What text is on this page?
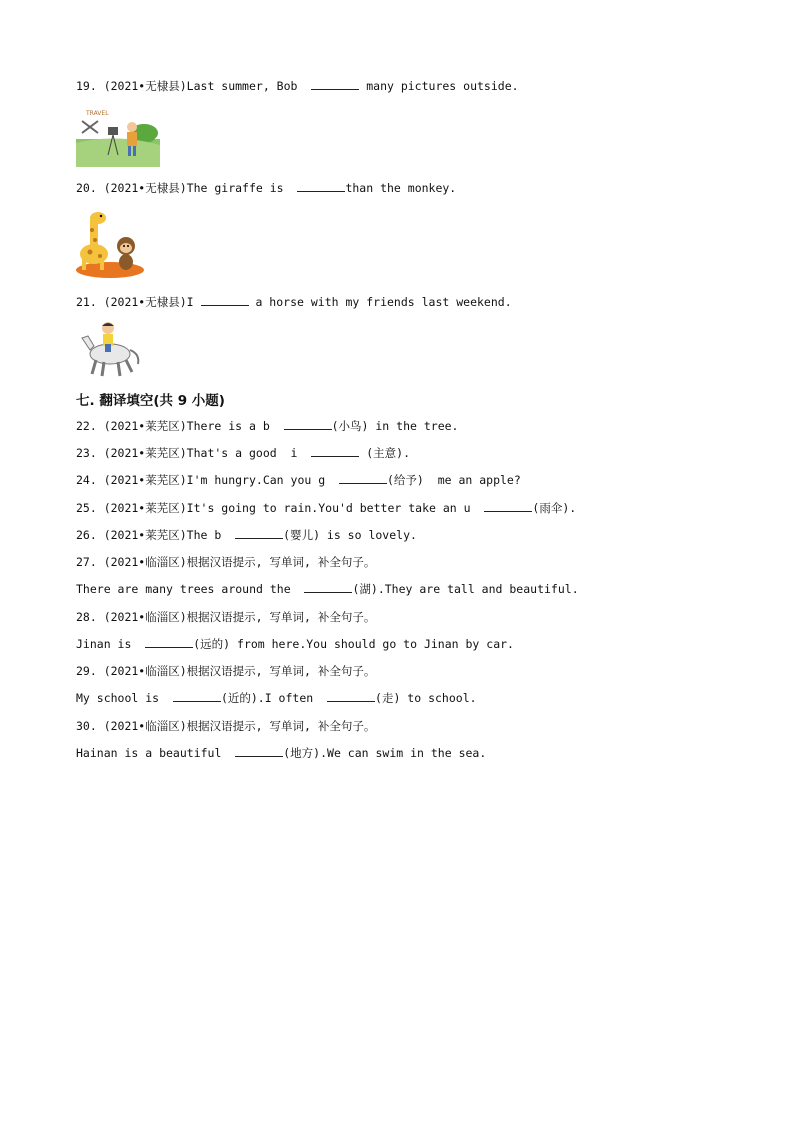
19. (2021•无棣县)Last summer, Bob	many pictures outside.
TRAVEL
20. (2021•无棣县)The giraffe is	than the monkey.
21. (2021•无棣县)I	a horse with my friends last weekend.
七. 翻译填空(共 9 小题)
22. (2021•莱芜区)There is a b	(小鸟) in the tree.
23. (2021•莱芜区)That's a good  i	(主意).
24. (2021•莱芜区)I'm hungry.Can you g	(给予)  me an apple?
25. (2021•莱芜区)It's going to rain.You'd better take an u	(雨伞).
26. (2021•莱芜区)The b	(婴儿) is so lovely.
27. (2021•临淄区)根据汉语提示, 写单词, 补全句子。
There are many trees around the	(湖).They are tall and beautiful.
28. (2021•临淄区)根据汉语提示, 写单词, 补全句子。
Jinan is	(远的) from here.You should go to Jinan by car.
29. (2021•临淄区)根据汉语提示, 写单词, 补全句子。
My school is	(近的).I often	(走) to school.
30. (2021•临淄区)根据汉语提示, 写单词, 补全句子。
Hainan is a beautiful	(地方).We can swim in the sea.
